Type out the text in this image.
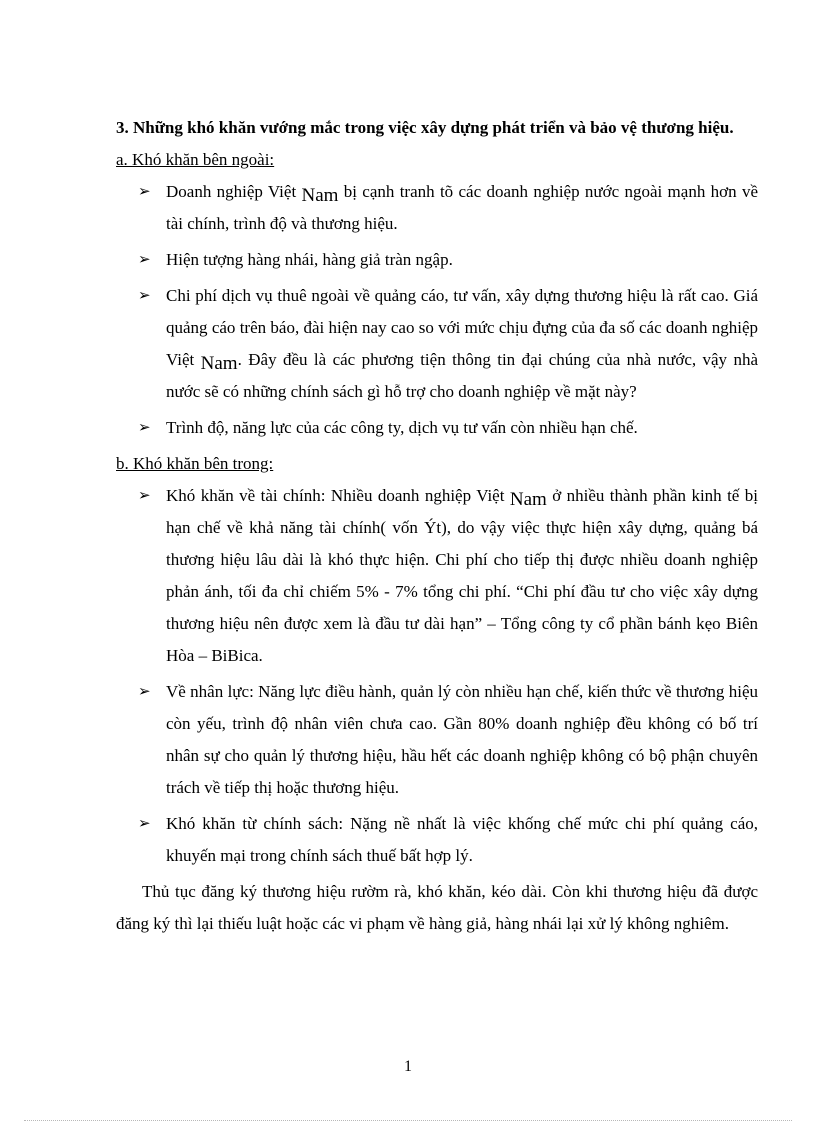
3. Những khó khăn vướng mắc trong việc xây dựng phát triển và bảo vệ thương hiệu.

a. Khó khăn bên ngoài:

➢ Doanh nghiệp Việt Nam bị cạnh tranh tõ các doanh nghiệp nước ngoài mạnh hơn về tài chính, trình độ và thương hiệu.
➢ Hiện tượng hàng nhái, hàng giả tràn ngập.
➢ Chi phí dịch vụ thuê ngoài về quảng cáo, tư vấn, xây dựng thương hiệu là rất cao. Giá quảng cáo trên báo, đài hiện nay cao so với mức chịu đựng của đa số các doanh nghiệp Việt Nam. Đây đều là các phương tiện thông tin đại chúng của nhà nước, vậy nhà nước sẽ có những chính sách gì hỗ trợ cho doanh nghiệp về mặt này?
➢ Trình độ, năng lực của các công ty, dịch vụ tư vấn còn nhiều hạn chế.

b. Khó khăn bên trong:

➢ Khó khăn về tài chính: Nhiều doanh nghiệp Việt Nam ở nhiều thành phần kinh tế bị hạn chế về khả năng tài chính( vốn Ýt), do vậy việc thực hiện xây dựng, quảng bá thương hiệu lâu dài là khó thực hiện. Chi phí cho tiếp thị được nhiều doanh nghiệp phản ánh, tối đa chỉ chiếm 5% - 7% tổng chi phí. “Chi phí đầu tư cho việc xây dựng thương hiệu nên được xem là đầu tư dài hạn” – Tổng công ty cổ phần bánh kẹo Biên Hòa – BiBica.
➢ Về nhân lực: Năng lực điều hành, quản lý còn nhiều hạn chế, kiến thức về thương hiệu còn yếu, trình độ nhân viên chưa cao. Gần 80% doanh nghiệp đều không có bố trí nhân sự cho quản lý thương hiệu, hầu hết các doanh nghiệp không có bộ phận chuyên trách về tiếp thị hoặc thương hiệu.
➢ Khó khăn từ chính sách: Nặng nề nhất là việc khống chế mức chi phí quảng cáo, khuyến mại trong chính sách thuế bất hợp lý.

Thủ tục đăng ký thương hiệu rườm rà, khó khăn, kéo dài. Còn khi thương hiệu đã được đăng ký thì lại thiếu luật hoặc các vi phạm về hàng giả, hàng nhái lại xử lý không nghiêm.

1
